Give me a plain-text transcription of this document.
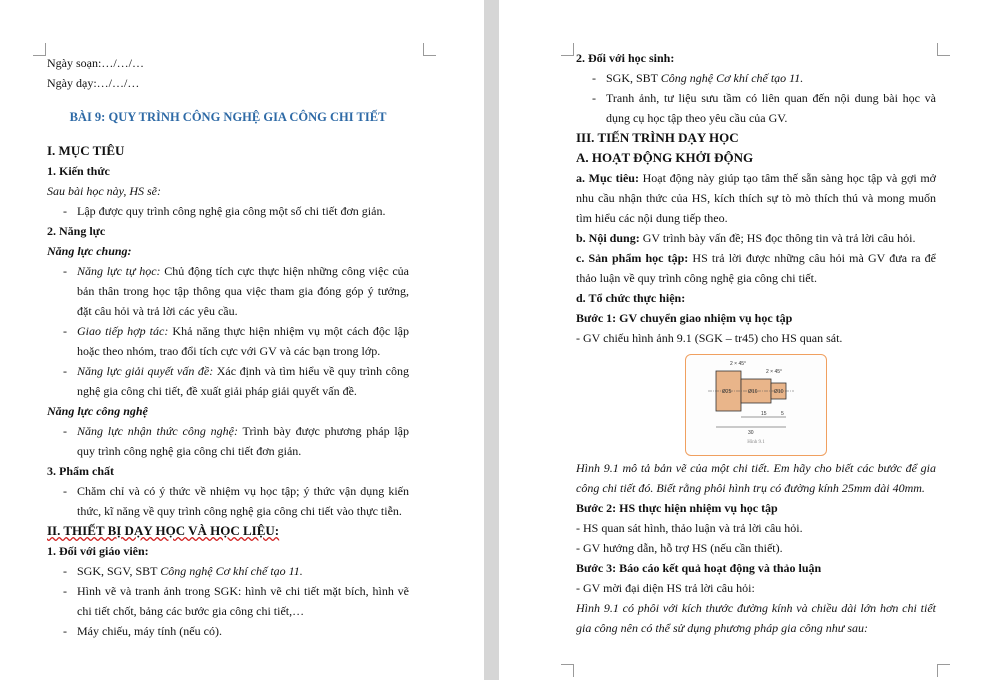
Ngày soạn:…/…/…

Ngày dạy:…/…/…

BÀI 9: QUY TRÌNH CÔNG NGHỆ GIA CÔNG CHI TIẾT

I. MỤC TIÊU

1. Kiến thức

Sau bài học này, HS sẽ:

- Lập được quy trình công nghệ gia công một số chi tiết đơn giản.

2. Năng lực

Năng lực chung:

- Năng lực tự học: Chủ động tích cực thực hiện những công việc của bản thân trong học tập thông qua việc tham gia đóng góp ý tưởng, đặt câu hỏi và trả lời các yêu cầu.

- Giao tiếp hợp tác: Khả năng thực hiện nhiệm vụ một cách độc lập hoặc theo nhóm, trao đổi tích cực với GV và các bạn trong lớp.

- Năng lực giải quyết vấn đề: Xác định và tìm hiểu về quy trình công nghệ gia công chi tiết, đề xuất giải pháp giải quyết vấn đề.

Năng lực công nghệ

- Năng lực nhận thức công nghệ: Trình bày được phương pháp lập quy trình công nghệ gia công chi tiết đơn giản.

3. Phẩm chất

- Chăm chỉ và có ý thức về nhiệm vụ học tập; ý thức vận dụng kiến thức, kĩ năng về quy trình công nghệ gia công chi tiết vào thực tiễn.

II. THIẾT BỊ DẠY HỌC VÀ HỌC LIỆU:

1. Đối với giáo viên:

- SGK, SGV, SBT Công nghệ Cơ khí chế tạo 11.

- Hình vẽ và tranh ảnh trong SGK: hình vẽ chi tiết mặt bích, hình vẽ chi tiết chốt, bảng các bước gia công chi tiết,…

- Máy chiếu, máy tính (nếu có).

2. Đối với học sinh:

- SGK, SBT Công nghệ Cơ khí chế tạo 11.

- Tranh ảnh, tư liệu sưu tầm có liên quan đến nội dung bài học và dụng cụ học tập theo yêu cầu của GV.

III. TIẾN TRÌNH DẠY HỌC

A. HOẠT ĐỘNG KHỞI ĐỘNG

a. Mục tiêu: Hoạt động này giúp tạo tâm thế sẵn sàng học tập và gợi mở nhu cầu nhận thức của HS, kích thích sự tò mò thích thú và mong muốn tìm hiểu các nội dung tiếp theo.

b. Nội dung: GV trình bày vấn đề; HS đọc thông tin và trả lời câu hỏi.

c. Sản phẩm học tập: HS trả lời được những câu hỏi mà GV đưa ra để thảo luận về quy trình công nghệ gia công chi tiết.

d. Tổ chức thực hiện:

Bước 1: GV chuyển giao nhiệm vụ học tập

- GV chiếu hình ảnh 9.1 (SGK – tr45) cho HS quan sát.

2 × 45°
2 × 45°
Ø25	Ø16	Ø10
15	5
30
Hình 9.1

Hình 9.1 mô tả bản vẽ của một chi tiết. Em hãy cho biết các bước để gia công chi tiết đó. Biết rằng phôi hình trụ có đường kính 25mm dài 40mm.

Bước 2: HS thực hiện nhiệm vụ học tập

- HS quan sát hình, thảo luận và trả lời câu hỏi.

- GV hướng dẫn, hỗ trợ HS (nếu cần thiết).

Bước 3: Báo cáo kết quả hoạt động và thảo luận

- GV mời đại diện HS trả lời câu hỏi:

Hình 9.1 có phôi với kích thước đường kính và chiều dài lớn hơn chi tiết gia công nên có thể sử dụng phương pháp gia công như sau:
